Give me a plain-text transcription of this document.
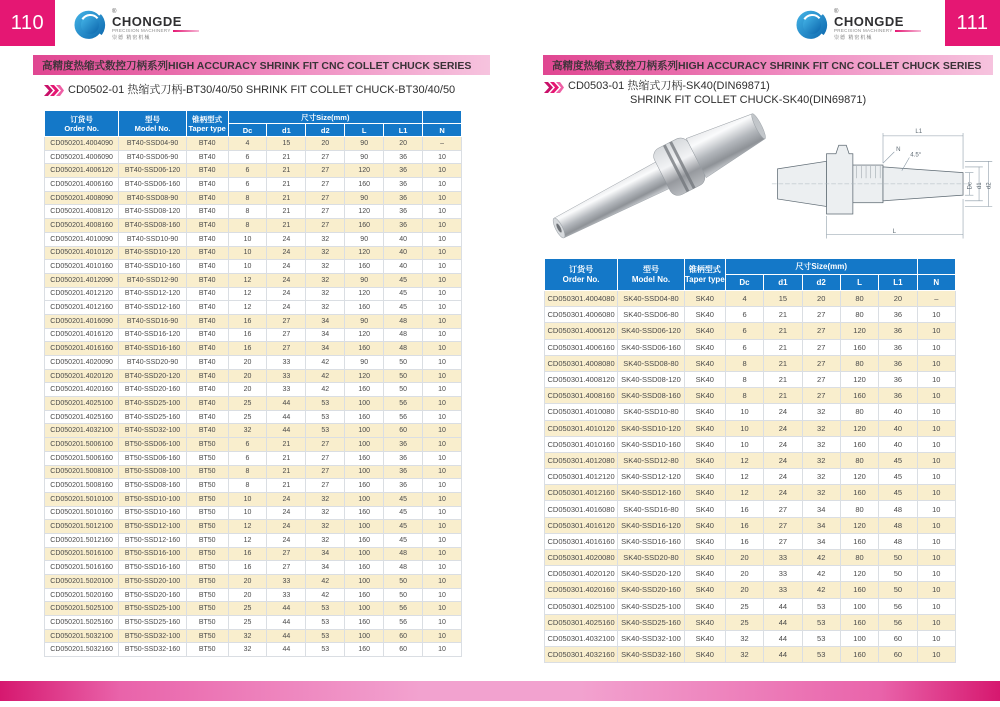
110	111
®
CHONGDE
PRECISION MACHINERY
崇德 精密机械
®
CHONGDE
PRECISION MACHINERY
崇德 精密机械
高精度热缩式数控刀柄系列HIGH ACCURACY SHRINK FIT CNC COLLET CHUCK SERIES	高精度热缩式数控刀柄系列HIGH ACCURACY SHRINK FIT CNC COLLET CHUCK SERIES
CD0502-01 热缩式刀柄-BT30/40/50 SHRINK FIT COLLET CHUCK-BT30/40/50	CD0503-01 热缩式刀柄-SK40(DIN69871)
SHRINK FIT COLLET CHUCK-SK40(DIN69871)
L1
N
4.5°
Dc d1 d2
L
订货号
Order No.

型号
Model No.

锥柄型式
Taper type
	尺寸Size(mm)	
			Dc	d1	d2	L	L1	N
CD050201.4004090	BT40-SSD04-90	BT40	4	15	20	90	20	–
CD050201.4006090	BT40-SSD06-90	BT40	6	21	27	90	36	10
CD050201.4006120	BT40-SSD06-120	BT40	6	21	27	120	36	10
CD050201.4006160	BT40-SSD06-160	BT40	6	21	27	160	36	10
CD050201.4008090	BT40-SSD08-90	BT40	8	21	27	90	36	10
CD050201.4008120	BT40-SSD08-120	BT40	8	21	27	120	36	10
CD050201.4008160	BT40-SSD08-160	BT40	8	21	27	160	36	10
CD050201.4010090	BT40-SSD10-90	BT40	10	24	32	90	40	10
CD050201.4010120	BT40-SSD10-120	BT40	10	24	32	120	40	10
CD050201.4010160	BT40-SSD10-160	BT40	10	24	32	160	40	10
CD050201.4012090	BT40-SSD12-90	BT40	12	24	32	90	45	10
CD050201.4012120	BT40-SSD12-120	BT40	12	24	32	120	45	10
CD050201.4012160	BT40-SSD12-160	BT40	12	24	32	160	45	10
CD050201.4016090	BT40-SSD16-90	BT40	16	27	34	90	48	10
CD050201.4016120	BT40-SSD16-120	BT40	16	27	34	120	48	10
CD050201.4016160	BT40-SSD16-160	BT40	16	27	34	160	48	10
CD050201.4020090	BT40-SSD20-90	BT40	20	33	42	90	50	10
CD050201.4020120	BT40-SSD20-120	BT40	20	33	42	120	50	10
CD050201.4020160	BT40-SSD20-160	BT40	20	33	42	160	50	10
CD050201.4025100	BT40-SSD25-100	BT40	25	44	53	100	56	10
CD050201.4025160	BT40-SSD25-160	BT40	25	44	53	160	56	10
CD050201.4032100	BT40-SSD32-100	BT40	32	44	53	100	60	10
CD050201.5006100	BT50-SSD06-100	BT50	6	21	27	100	36	10
CD050201.5006160	BT50-SSD06-160	BT50	6	21	27	160	36	10
CD050201.5008100	BT50-SSD08-100	BT50	8	21	27	100	36	10
CD050201.5008160	BT50-SSD08-160	BT50	8	21	27	160	36	10
CD050201.5010100	BT50-SSD10-100	BT50	10	24	32	100	45	10
CD050201.5010160	BT50-SSD10-160	BT50	10	24	32	160	45	10
CD050201.5012100	BT50-SSD12-100	BT50	12	24	32	100	45	10
CD050201.5012160	BT50-SSD12-160	BT50	12	24	32	160	45	10
CD050201.5016100	BT50-SSD16-100	BT50	16	27	34	100	48	10
CD050201.5016160	BT50-SSD16-160	BT50	16	27	34	160	48	10
CD050201.5020100	BT50-SSD20-100	BT50	20	33	42	100	50	10
CD050201.5020160	BT50-SSD20-160	BT50	20	33	42	160	50	10
CD050201.5025100	BT50-SSD25-100	BT50	25	44	53	100	56	10
CD050201.5025160	BT50-SSD25-160	BT50	25	44	53	160	56	10
CD050201.5032100	BT50-SSD32-100	BT50	32	44	53	100	60	10
CD050201.5032160	BT50-SSD32-160	BT50	32	44	53	160	60	10
订货号
Order No.

型号
Model No.

锥柄型式
Taper type
	尺寸Size(mm)	
			Dc	d1	d2	L	L1	N
CD050301.4004080	SK40-SSD04-80	SK40	4	15	20	80	20	–
CD050301.4006080	SK40-SSD06-80	SK40	6	21	27	80	36	10
CD050301.4006120	SK40-SSD06-120	SK40	6	21	27	120	36	10
CD050301.4006160	SK40-SSD06-160	SK40	6	21	27	160	36	10
CD050301.4008080	SK40-SSD08-80	SK40	8	21	27	80	36	10
CD050301.4008120	SK40-SSD08-120	SK40	8	21	27	120	36	10
CD050301.4008160	SK40-SSD08-160	SK40	8	21	27	160	36	10
CD050301.4010080	SK40-SSD10-80	SK40	10	24	32	80	40	10
CD050301.4010120	SK40-SSD10-120	SK40	10	24	32	120	40	10
CD050301.4010160	SK40-SSD10-160	SK40	10	24	32	160	40	10
CD050301.4012080	SK40-SSD12-80	SK40	12	24	32	80	45	10
CD050301.4012120	SK40-SSD12-120	SK40	12	24	32	120	45	10
CD050301.4012160	SK40-SSD12-160	SK40	12	24	32	160	45	10
CD050301.4016080	SK40-SSD16-80	SK40	16	27	34	80	48	10
CD050301.4016120	SK40-SSD16-120	SK40	16	27	34	120	48	10
CD050301.4016160	SK40-SSD16-160	SK40	16	27	34	160	48	10
CD050301.4020080	SK40-SSD20-80	SK40	20	33	42	80	50	10
CD050301.4020120	SK40-SSD20-120	SK40	20	33	42	120	50	10
CD050301.4020160	SK40-SSD20-160	SK40	20	33	42	160	50	10
CD050301.4025100	SK40-SSD25-100	SK40	25	44	53	100	56	10
CD050301.4025160	SK40-SSD25-160	SK40	25	44	53	160	56	10
CD050301.4032100	SK40-SSD32-100	SK40	32	44	53	100	60	10
CD050301.4032160	SK40-SSD32-160	SK40	32	44	53	160	60	10
